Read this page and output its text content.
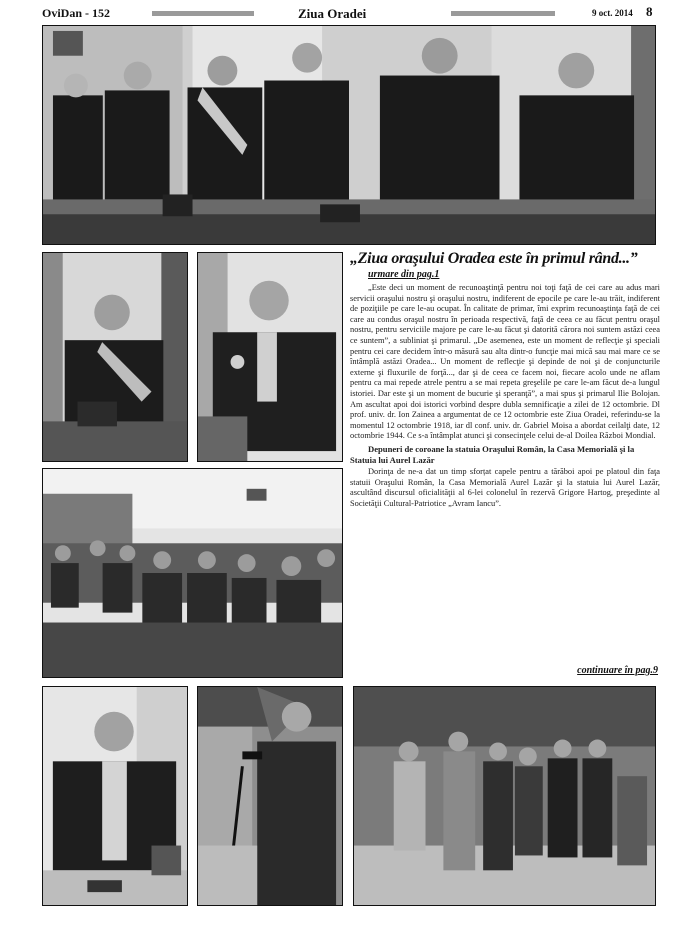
OviDan - 152	Ziua Oradei	9 oct. 2014 8
„Ziua oraşului Oradea este în primul rând...”
urmare din pag.1

„Este deci un moment de recunoaştinţă pentru noi toţi faţă de cei care au adus mari servicii oraşului nostru şi oraşului nostru, indiferent de epocile pe care le-au trăit, indiferent de poziţiile pe care le-au ocupat. În calitate de primar, îmi exprim recunoaştinţa faţă de cei care au condus oraşul nostru în perioada respectivă, faţă de ceea ce au făcut pentru oraşul nostru, pentru serviciile majore pe care le-au făcut şi datorită cărora noi suntem astăzi ceea ce suntem”, a subliniat şi primarul. „De asemenea, este un moment de reflecţie şi speciali pentru cei care decidem într-o măsură sau alta dintr-o funcţie mai mică sau mai mare ce se întâmplă astăzi Oradea... Un moment de reflecţie şi depinde de noi şi de conjuncturile externe şi fluxurile de forţă..., dar şi de ceea ce facem noi, fiecare acolo unde ne aflam pentru ca mai repede atrele pentru a se mai repeta greşelile pe care le-am făcut de-a lungul istoriei. Dar este şi un moment de bucurie şi speranţă”, a mai spus şi primarul Ilie Bolojan. Am ascultat apoi doi istorici vorbind despre dubla semnificaţie a zilei de 12 octombrie. Dl prof. univ. dr. Ion Zainea a argumentat de ce 12 octombrie este Ziua Oradei, referindu-se la momentul 12 octombrie 1918, iar dl conf. univ. dr. Gabriel Moisa a abordat ceilalţi date, 12 octombrie 1944. Ce s-a întâmplat atunci şi consecinţele celui de-al Doilea Război Mondial.

Depuneri de coroane la statuia Oraşului Român, la Casa Memorială şi la Statuia lui Aurel Lazăr

Dorinţa de ne-a dat un timp sforțat capele pentru a tărăboi apoi pe platoul din faţa statuii Oraşului Român, la Casa Memorială Aurel Lazăr şi la statuia lui Aurel Lazăr, ascultând discursul oficialităţii al 6-lei colonelul în rezervă Grigore Hartog, preşedinte al Societăţii Cultural-Patriotice „Avram Iancu”.

continuare în pag.9
